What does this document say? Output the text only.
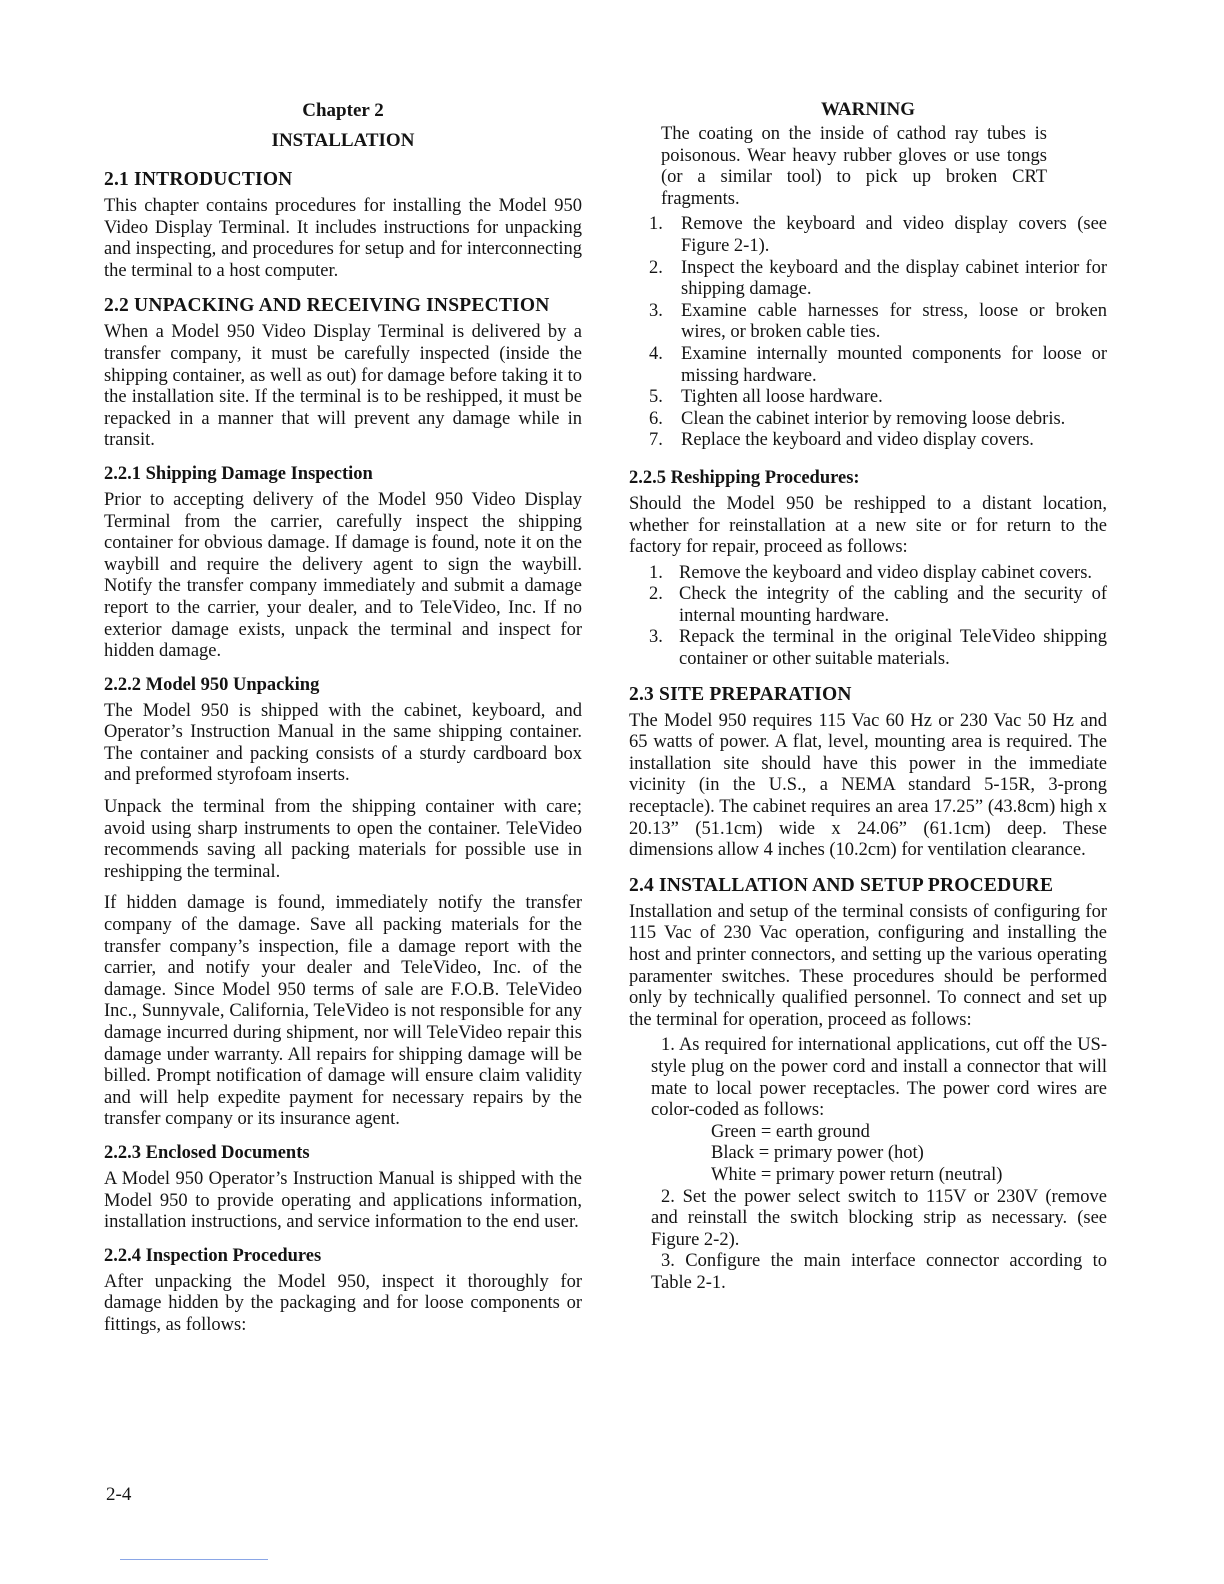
Chapter 2
INSTALLATION
2.1 INTRODUCTION

This chapter contains procedures for installing the Model 950 Video Display Terminal. It includes instructions for unpacking and inspecting, and procedures for setup and for interconnecting the terminal to a host computer.

2.2 UNPACKING AND RECEIVING INSPECTION

When a Model 950 Video Display Terminal is delivered by a transfer company, it must be carefully inspected (inside the shipping container, as well as out) for damage before taking it to the installation site. If the terminal is to be reshipped, it must be repacked in a manner that will prevent any damage while in transit.

2.2.1 Shipping Damage Inspection

Prior to accepting delivery of the Model 950 Video Display Terminal from the carrier, carefully inspect the shipping container for obvious damage. If damage is found, note it on the waybill and require the delivery agent to sign the waybill. Notify the transfer company immediately and submit a damage report to the carrier, your dealer, and to TeleVideo, Inc. If no exterior damage exists, unpack the terminal and inspect for hidden damage.

2.2.2 Model 950 Unpacking

The Model 950 is shipped with the cabinet, keyboard, and Operator’s Instruction Manual in the same shipping container. The container and packing consists of a sturdy cardboard box and preformed styrofoam inserts.

Unpack the terminal from the shipping container with care; avoid using sharp instruments to open the container. TeleVideo recommends saving all packing materials for possible use in reshipping the terminal.

If hidden damage is found, immediately notify the transfer company of the damage. Save all packing materials for the transfer company’s inspection, file a damage report with the carrier, and notify your dealer and TeleVideo, Inc. of the damage. Since Model 950 terms of sale are F.O.B. TeleVideo Inc., Sunnyvale, California, TeleVideo is not responsible for any damage incurred during shipment, nor will TeleVideo repair this damage under warranty. All repairs for shipping damage will be billed. Prompt notification of damage will ensure claim validity and will help expedite payment for necessary repairs by the transfer company or its insurance agent.

2.2.3 Enclosed Documents

A Model 950 Operator’s Instruction Manual is shipped with the Model 950 to provide operating and applications information, installation instructions, and service information to the end user.

2.2.4 Inspection Procedures

After unpacking the Model 950, inspect it thoroughly for damage hidden by the packaging and for loose components or fittings, as follows:

WARNING
The coating on the inside of cathod ray tubes is poisonous. Wear heavy rubber gloves or use tongs (or a similar tool) to pick up broken CRT fragments.
1. Remove the keyboard and video display covers (see Figure 2-1).
2. Inspect the keyboard and the display cabinet interior for shipping damage.
3. Examine cable harnesses for stress, loose or broken wires, or broken cable ties.
4. Examine internally mounted components for loose or missing hardware.
5. Tighten all loose hardware.
6. Clean the cabinet interior by removing loose debris.
7. Replace the keyboard and video display covers.
2.2.5 Reshipping Procedures:

Should the Model 950 be reshipped to a distant location, whether for reinstallation at a new site or for return to the factory for repair, proceed as follows:

1. Remove the keyboard and video display cabinet covers.
2. Check the integrity of the cabling and the security of internal mounting hardware.
3. Repack the terminal in the original TeleVideo shipping container or other suitable materials.
2.3 SITE PREPARATION

The Model 950 requires 115 Vac 60 Hz or 230 Vac 50 Hz and 65 watts of power. A flat, level, mounting area is required. The installation site should have this power in the immediate vicinity (in the U.S., a NEMA standard 5-15R, 3-prong receptacle). The cabinet requires an area 17.25” (43.8cm) high x 20.13” (51.1cm) wide x 24.06” (61.1cm) deep. These dimensions allow 4 inches (10.2cm) for ventilation clearance.

2.4 INSTALLATION AND SETUP PROCEDURE

Installation and setup of the terminal consists of configuring for 115 Vac of 230 Vac operation, configuring and installing the host and printer connectors, and setting up the various operating paramenter switches. These procedures should be performed only by technically qualified personnel. To connect and set up the terminal for operation, proceed as follows:

1. As required for international applications, cut off the US-style plug on the power cord and install a connector that will mate to local power receptacles. The power cord wires are color-coded as follows:
Green = earth ground
Black = primary power (hot)
White = primary power return (neutral)
2. Set the power select switch to 115V or 230V (remove and reinstall the switch blocking strip as necessary. (see Figure 2-2).
3. Configure the main interface connector according to Table 2-1.
2-4
